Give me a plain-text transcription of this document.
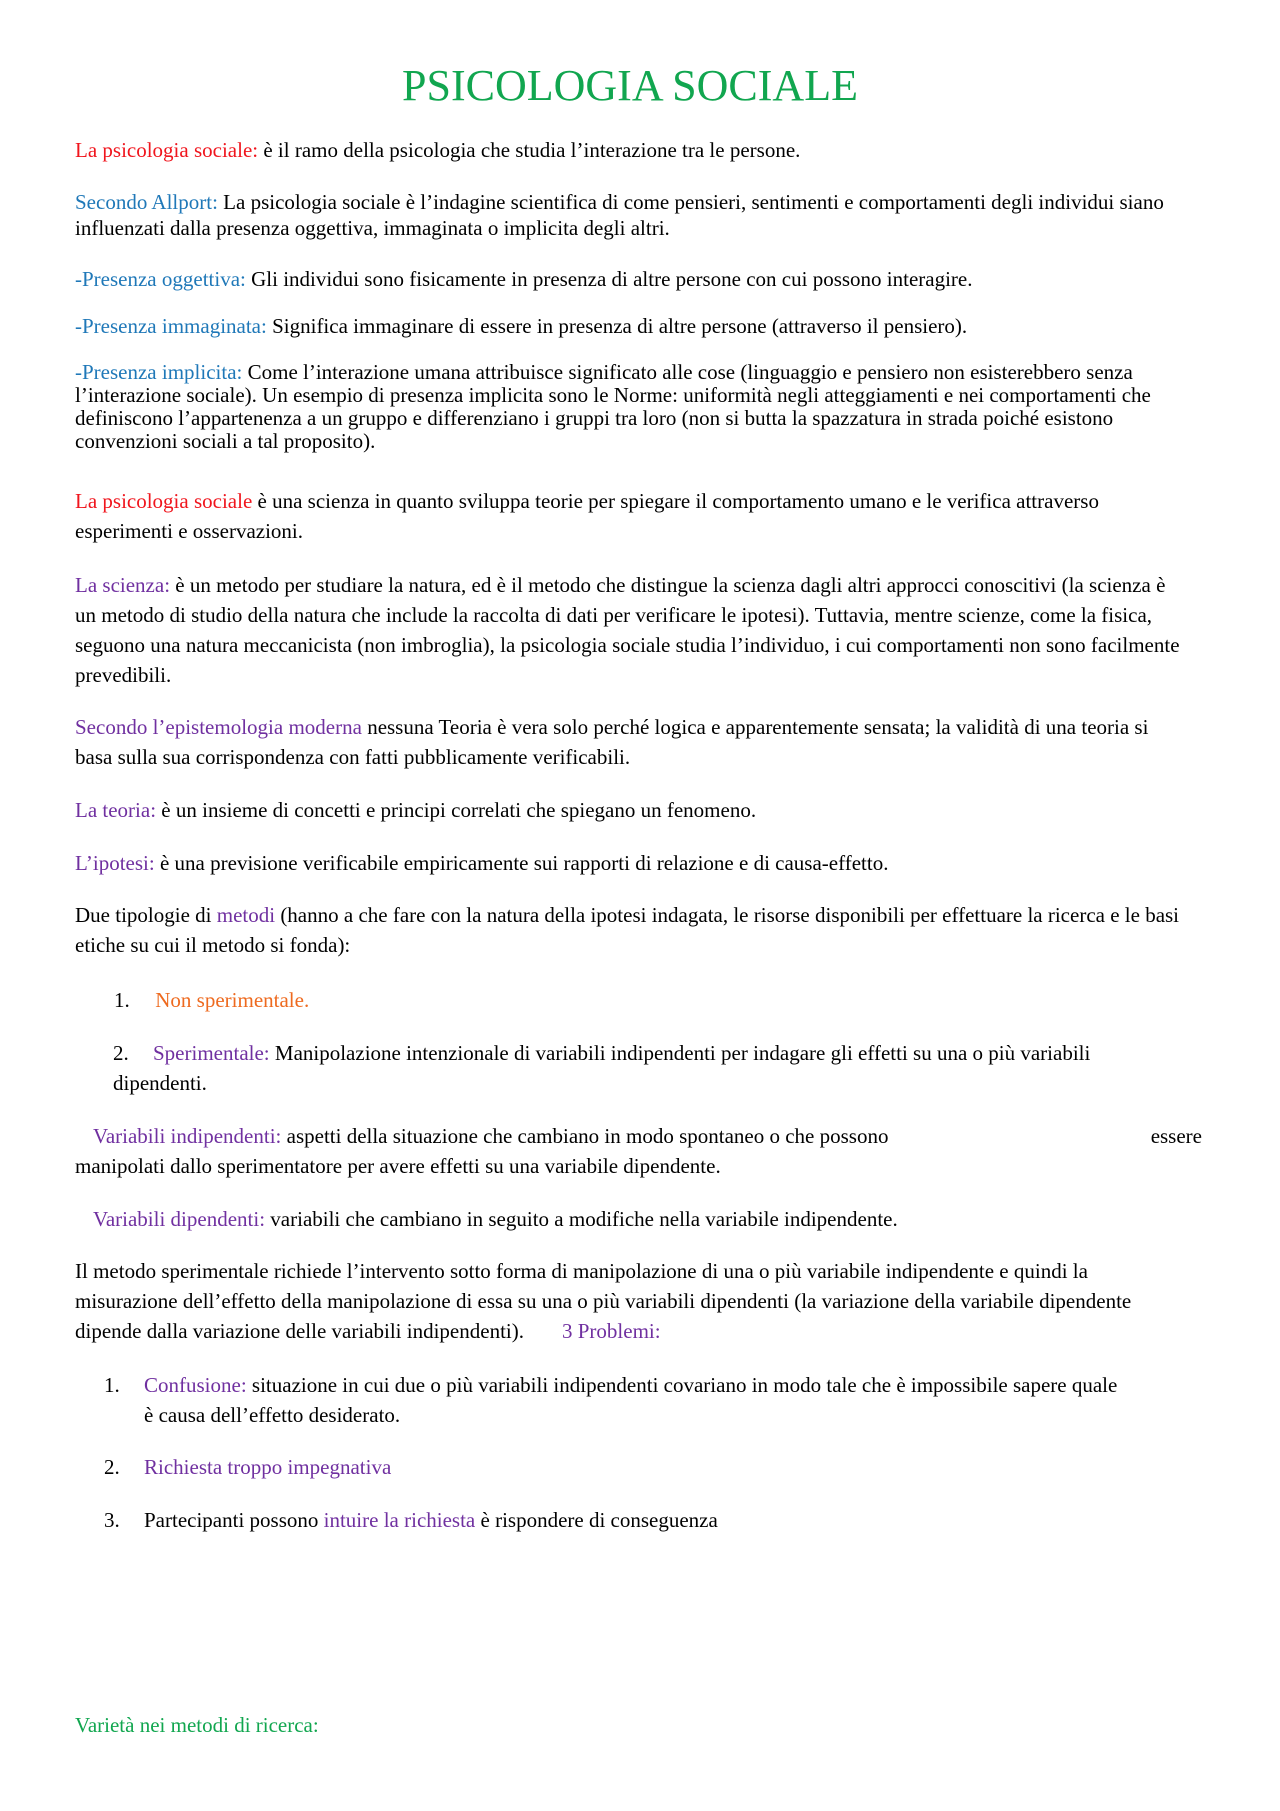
PSICOLOGIA SOCIALE

La psicologia sociale: è il ramo della psicologia che studia l’interazione tra le persone.

Secondo Allport: La psicologia sociale è l’indagine scientifica di come pensieri, sentimenti e comportamenti degli individui siano influenzati dalla presenza oggettiva, immaginata o implicita degli altri.

-Presenza oggettiva: Gli individui sono fisicamente in presenza di altre persone con cui possono interagire.

-Presenza immaginata: Significa immaginare di essere in presenza di altre persone (attraverso il pensiero).

-Presenza implicita: Come l’interazione umana attribuisce significato alle cose (linguaggio e pensiero non esisterebbero senza l’interazione sociale). Un esempio di presenza implicita sono le Norme: uniformità negli atteggiamenti e nei comportamenti che definiscono l’appartenenza a un gruppo e differenziano i gruppi tra loro (non si butta la spazzatura in strada poiché esistono convenzioni sociali a tal proposito).

La psicologia sociale è una scienza in quanto sviluppa teorie per spiegare il comportamento umano e le verifica attraverso esperimenti e osservazioni.

La scienza: è un metodo per studiare la natura, ed è il metodo che distingue la scienza dagli altri approcci conoscitivi (la scienza è un metodo di studio della natura che include la raccolta di dati per verificare le ipotesi). Tuttavia, mentre scienze, come la fisica, seguono una natura meccanicista (non imbroglia), la psicologia sociale studia l’individuo, i cui comportamenti non sono facilmente prevedibili.

Secondo l’epistemologia moderna nessuna Teoria è vera solo perché logica e apparentemente sensata; la validità di una teoria si basa sulla sua corrispondenza con fatti pubblicamente verificabili.

La teoria: è un insieme di concetti e principi correlati che spiegano un fenomeno.

L’ipotesi: è una previsione verificabile empiricamente sui rapporti di relazione e di causa-effetto.

Due tipologie di metodi (hanno a che fare con la natura della ipotesi indagata, le risorse disponibili per effettuare la ricerca e le basi etiche su cui il metodo si fonda):

1. Non sperimentale.
2. Sperimentale: Manipolazione intenzionale di variabili indipendenti per indagare gli effetti su una o più variabili dipendenti.

Variabili indipendenti: aspetti della situazione che cambiano in modo spontaneo o che possono	essere

manipolati dallo sperimentatore per avere effetti su una variabile dipendente.

Variabili dipendenti: variabili che cambiano in seguito a modifiche nella variabile indipendente.

Il metodo sperimentale richiede l’intervento sotto forma di manipolazione di una o più variabile indipendente e quindi la misurazione dell’effetto della manipolazione di essa su una o più variabili dipendenti (la variazione della variabile dipendente dipende dalla variazione delle variabili indipendenti). 3 Problemi:

1.	Confusione: situazione in cui due o più variabili indipendenti covariano in modo tale che è impossibile sapere quale è causa dell’effetto desiderato.
2. Richiesta troppo impegnativa
3. Partecipanti possono intuire la richiesta è rispondere di conseguenza

Varietà nei metodi di ricerca:
